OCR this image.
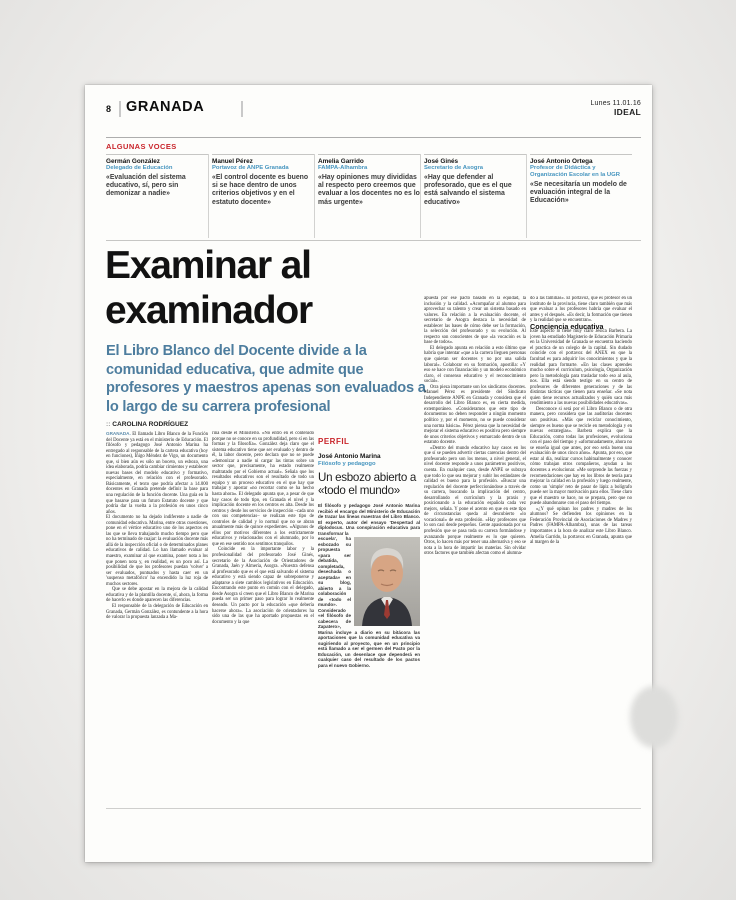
8 GRANADA	Lunes 11.01.16
IDEAL
ALGUNAS VOCES
Germán González
Delegado de Educación
«Evaluación del sistema educativo, sí, pero sin demonizar a nadie»
Manuel Pérez
Portavoz de ANPE Granada
«El control docente es bueno si se hace dentro de unos criterios objetivos y en el estatuto docente»
Amelia Garrido
FAMPA-Alhambra
«Hay opiniones muy divididas al respecto pero creemos que evaluar a los docentes no es lo más urgente»
José Ginés
Secretario de Asogra
«Hay que defender al profesorado, que es el que está salvando el sistema educativo»
José Antonio Ortega
Profesor de Didáctica y Organización Escolar en la UGR
«Se necesitaría un modelo de evaluación integral de la Educación»
Examinar al examinador
El Libro Blanco del Docente divide a la comunidad educativa, que admite que profesores y maestros apenas son evaluados a lo largo de su carrera profesional
:: CAROLINA RODRÍGUEZ

GRANADA. El llamado Libro Blanco de la Función del Docente ya está en el ministerio de Educación. El filósofo y pedagogo José Antonio Marina ha entregado al responsable de la cartera educativa (hoy en funciones), Íñigo Méndez de Vigo, un documento que, si bien aún es sólo un boceto, un esbozo, una idea elaborada, podría cambiar cimientos y establecer nuevas bases del modelo educativo y formativo, especialmente, en relación con el profesorado. Básicamente, el texto que podría afectar a 14.000 docentes en Granada pretende definir la base para una regulación de la función docente. Una guía en la que basarse para un futuro Estatuto docente y que podría dar la vuelta a la profesión en unos cinco años.

El documento no ha dejado indiferente a nadie de comunidad educativa. Marina, entre otras cuestiones, pone en el vértice educativo uno de los aspectos en las que se lleva trabajando mucho tiempo pero que no ha terminado de cuajar: la evaluación docente más allá de la inspección oficial o de determinados planes educativos de calidad. Lo han llamado evaluar al maestro, examinar al que examina, poner nota a los que ponen nota y, en realidad, es un poco así. La posibilidad de que los profesores puedan 'volver' a ser evaluados, puntuados y hasta caer en un 'suspenso metafórico' ha encendido la luz roja de muchos sectores.

Que se debe apostar en la mejora de la calidad educativa y de la plantilla docente, sí, ahora, la forma de hacerlo es donde aparecen las diferencias.

El responsable de la delegación de Educación en Granada, Germán González, es contundente a la hora de valorar la propuesta lanzada a Ma-

rina desde el Ministerio. «No entro en el contenido porque no se conoce en su profundidad, pero sí en las formas y la filosofía». González deja claro que el sistema educativo tiene que ser evaluado y dentro de él, la labor docente, pero declara que no se puede «demonizar a nadie ni cargar las tintas sobre un sector que, precisamente, ha estado realmente maltratado por el Gobierno actual». Señala que los resultados educativos son el resultado de todo un equipo y un proceso educativo en el que hay que trabajar y apostar «no recortar como se ha hecho hasta ahora». El delegado apunta que, a pesar de que hay casos de todo tipo, en Granada el nivel y la implicación docente en los centros es alta. Desde los centros y desde los servicios de inspección –cada uno con sus competencias– se realizan este tipo de controles de calidad y lo normal que no se abran anualmente más de quince expedientes. «Algunos de ellos por motivos diferentes a los estrictamente educativos y relacionados con el alumnado, por lo que en ese sentido nos sentimos tranquilos.

Coincide en la importante labor y la profesionalidad del profesorado José Ginés, secretario de la Asociación de Orientadores de Granada, Jaén y Almería, Asogra. «Nuestra defensa al profesorado que es el que está salvando el sistema educativo y está siendo capaz de sobreponerse y adaptarse a siete cambios legislativos en Educación. Encontrando este punto en común con el delegado, desde Asogra sí creen que el Libro Blanco de Marina pueda ser un primer paso para lograr lo realmente deseado. Un pacto por la educación «que debería hacerse ahora». La asociación de orientadores ha sido una de las que ha aportado propuestas en el documento y la que

PERFIL
José Antonio Marina
Filósofo y pedagogo
Un esbozo abierto a «todo el mundo»
El filósofo y pedagogo José Antonio Marina recibió el encargo del Ministerio de Educación de trazar las líneas maestras del Libro Blanco. El experto, autor del ensayo 'Despertad al diplodocus. Una conspiración educativa para transformar la
escuela', ha esbozado su propuesta «para ser debatida, completada, desechada o aceptada» en su blog, abierto a la colaboración de «todo el mundo». Considerado «el filósofo de cabecera de Zapatero», Marina incluye a diario en su bitácora las aportaciones que la comunidad educativa va sugiriendo al proyecto, que en un principio está llamado a ser el germen del Pacto por la Educación, un desenlace que dependerá en cualquier caso del resultado de los pactos para el nuevo Gobierno.

apuesta por ese pacto basado en la equidad, la inclusión y la calidad. «Acompañar al alumno para aprovechar su talento y crear un sistema basado en valores. En relación a la evaluación docente, el secretario de Asogra destaca la necesidad de establecer las bases de cómo debe ser la formación, la selección del profesorado y su evolución. Al respecto son conscientes de que «la vocación es la base de todos».

El delegado apunta en relación a esto último que habría que intentar «que a la carrera lleguen personas que quieran ser docentes y no por una salida laboral». Colaborar en su formación, apostilla: «Y eso se hace con financiación y un modelo económico claro, el consenso educativo y el reconocimiento social».

Otra pieza importante son los sindicatos docentes. Manuel Pérez es presidente del Sindicato Independiente ANPE en Granada y considera que el desarrollo del Libro Blanco es, en cierta medida, extemporáneo. «Consideramos que este tipo de documentos no deben responder a ningún momento político y, por el momento, no se puede considerar una norma básica». Pérez piensa que la necesidad de mejorar el sistema educativo es positiva pero siempre de unos criterios objetivos y enmarcado dentro de un estatuto docente.

«Dentro del mundo educativo hay casos en los que sí se pueden advertir ciertas carencias dentro del profesorado pero son los menos, a nivel general, el nivel docente responde a unos parámetros positivos, cuenta. En cualquier caso, desde ANPE se subraya que todo lo que sea mejorar y subir los estándares de calidad es bueno para la profesión. «Buscar una regulación del docente perfeccionándose a través de su carrera, buscando la implicación del centro, desarrollando el currículum y la praxis y posicionando a la educación española cada vez mejors, señala. Y pone el acento en que en este tipo de circunstancias queda al descubierto «lo vocacional» de esta profesión. «Hay profesores que lo son casi desde pequeños. Gente apasionada por su profesión que se pasa toda su carrera formándose y avanzando porque realmente es lo que quieren. Otros, lo hacen más por tener una alternativa y eso se nota a la hora de impartir las materias. Sin olvidar otros factores que también afectan como el alumna-

do a las familias». El portavoz, que es profesor en un instituto de la provincia, tiene claro también que más que evaluar a los profesores habría que evaluar el antes y el después. «Es decir, la formación que tienen y la realidad que se encuentran».

Conciencia educativa

Este aspecto lo tiene muy claro Jésica Barbera. La joven ha estudiado Magisterio de Educación Primaria en la Universidad de Granada se encuentra haciendo el practica de un colegio de la capital. Sin dudado coincide con el portavoz del ANEX en que la facultad es para adquirir los conocimientos y que la realidad para formarte. «En las clases aprendes mucho sobre el currículum, psicología, Organización pero la metodología para trasladar todo eso al aula, nos. Ella está siendo testigo en su centro de profesores de diferentes generaciones y de las distintas tácticas que tienen para enseñar. «Se nota quien tiene recursos actualizados y quién saca más rendimiento a las nuevas posibilidades educativas».

Desconoce si será por el Libro Blanco o de otra manera, pero considera que las auditorías docentes son positivas. «Más que reciclar conocimiento, siempre es bueno que se recicle en metodología y en nuevas estrategias». Barbera explica que la Educación, como todas las profesiones, evoluciona con el paso del tiempo y «afortunadamente, ahora no se enseña igual que antes, por eso sería bueno una evaluación de unos cinco años». Apunta, por eso, que estar al día, realizar cursos habitualmente y conocer cómo trabajan otros compañeros, ayudan a los docentes a evolucionar. «Me sorprende las fuerzas y recomendaciones que hay en los libros de teoría para mejorar la calidad en la profesión y luego realmente, como un 'simple' reto de pasar de lápiz a bolígrafo puede ser la mayor motivación para ellos. Tiene claro que el maestro se hace, no se prepara, pero que no puede abandonarse con el paso del tiempo.

«¿Y qué opinan los padres y madres de los alumnos? Se defienden los opiniones en la Federación Provincial de Asociaciones de Madres y Padres (FAMPA-Alhambra), unas de las tareas importantes a la hora de analizar este Libro Blanco. Amelia Garrido, la portavoz en Granada, apunta que al margen de la
